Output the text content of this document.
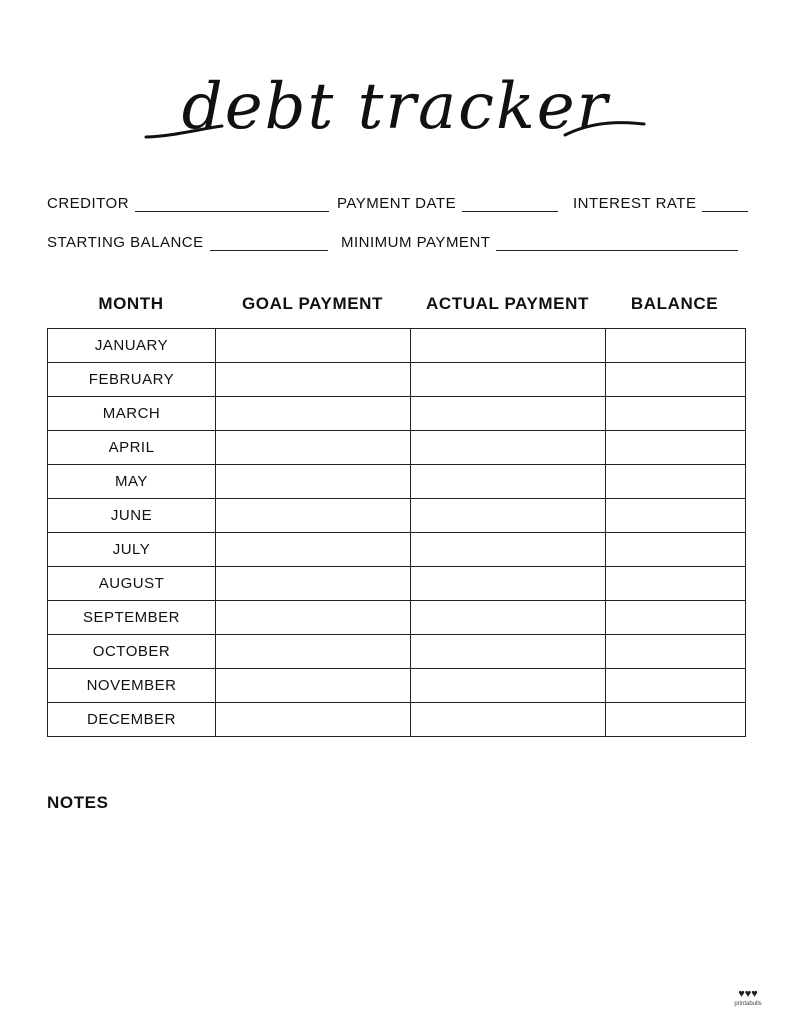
debt tracker
CREDITOR	PAYMENT DATE	INTEREST RATE
STARTING BALANCE	MINIMUM PAYMENT
MONTH	GOAL PAYMENT	ACTUAL PAYMENT	BALANCE
JANUARY			
FEBRUARY			
MARCH			
APRIL			
MAY			
JUNE			
JULY			
AUGUST			
SEPTEMBER			
OCTOBER			
NOVEMBER			
DECEMBER			
NOTES
♥♥♥
printabulls
